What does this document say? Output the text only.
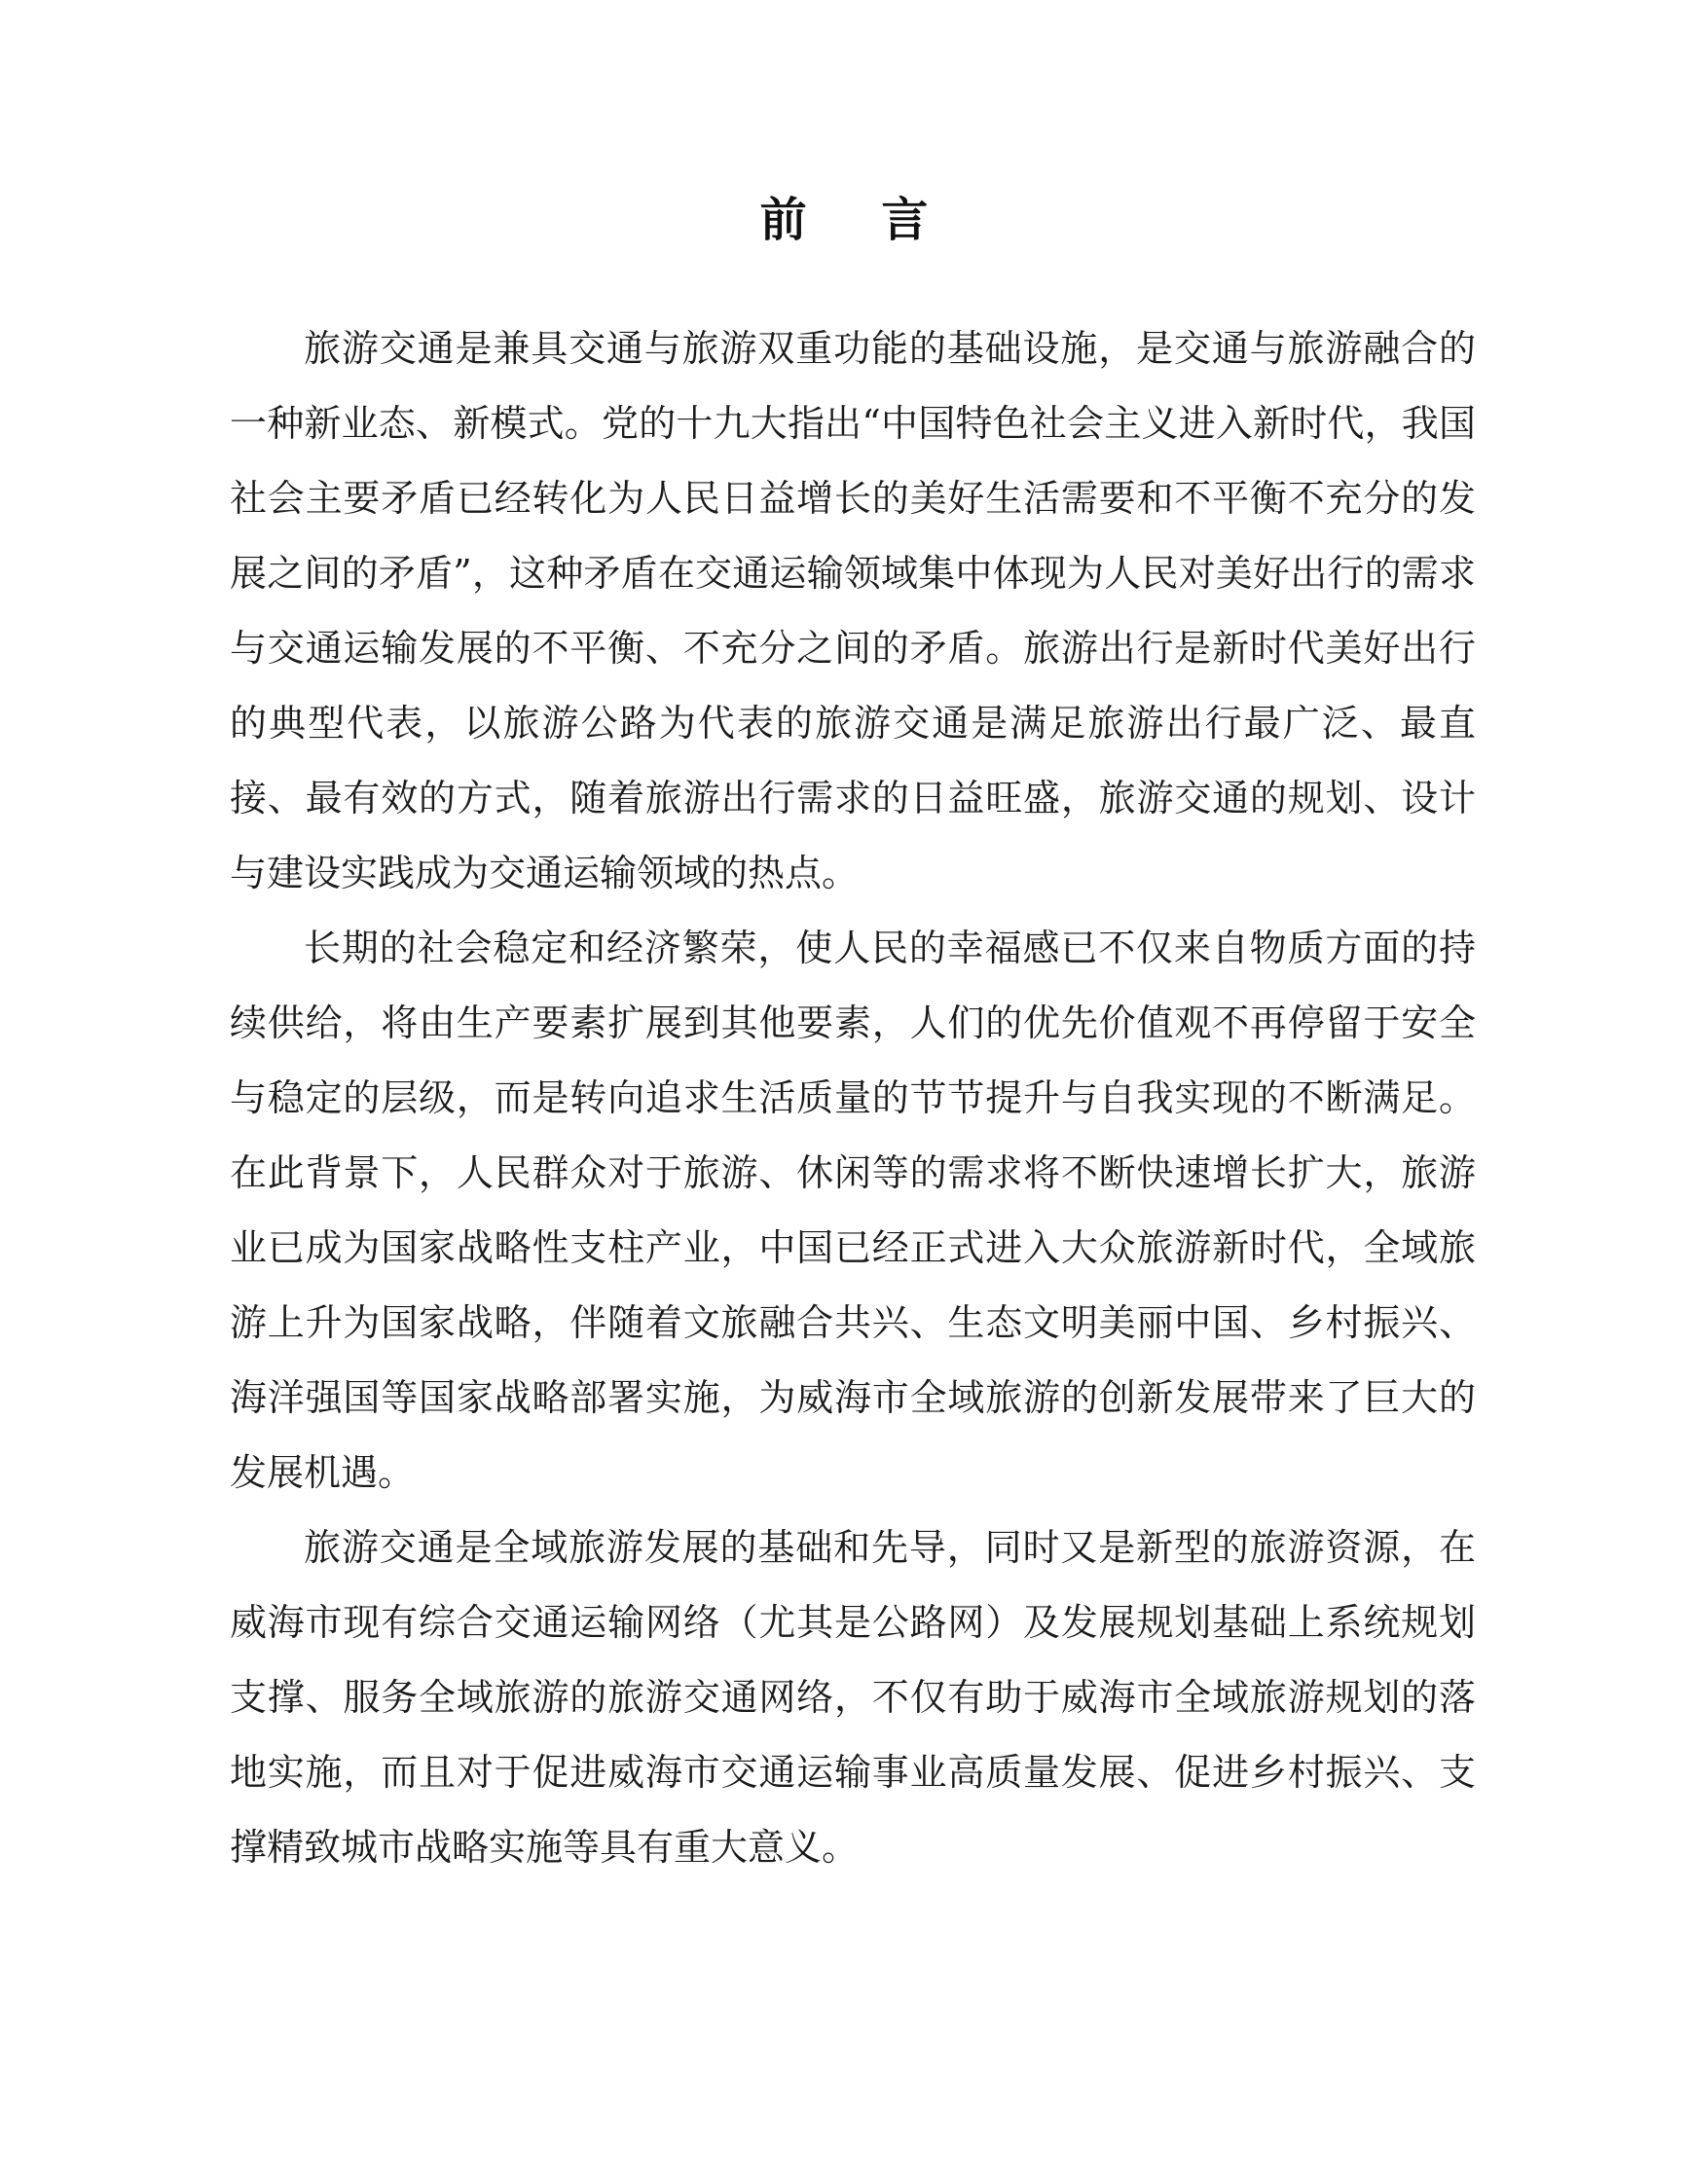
前 言

旅游交通是兼具交通与旅游双重功能的基础设施，是交通与旅游融合的一种新业态、新模式。党的十九大指出“中国特色社会主义进入新时代，我国社会主要矛盾已经转化为人民日益增长的美好生活需要和不平衡不充分的发展之间的矛盾”，这种矛盾在交通运输领域集中体现为人民对美好出行的需求与交通运输发展的不平衡、不充分之间的矛盾。旅游出行是新时代美好出行的典型代表，以旅游公路为代表的旅游交通是满足旅游出行最广泛、最直接、最有效的方式，随着旅游出行需求的日益旺盛，旅游交通的规划、设计与建设实践成为交通运输领域的热点。

长期的社会稳定和经济繁荣，使人民的幸福感已不仅来自物质方面的持续供给，将由生产要素扩展到其他要素，人们的优先价值观不再停留于安全与稳定的层级，而是转向追求生活质量的节节提升与自我实现的不断满足。在此背景下，人民群众对于旅游、休闲等的需求将不断快速增长扩大，旅游业已成为国家战略性支柱产业，中国已经正式进入大众旅游新时代，全域旅游上升为国家战略，伴随着文旅融合共兴、生态文明美丽中国、乡村振兴、海洋强国等国家战略部署实施，为威海市全域旅游的创新发展带来了巨大的发展机遇。

旅游交通是全域旅游发展的基础和先导，同时又是新型的旅游资源，在威海市现有综合交通运输网络（尤其是公路网）及发展规划基础上系统规划支撑、服务全域旅游的旅游交通网络，不仅有助于威海市全域旅游规划的落地实施，而且对于促进威海市交通运输事业高质量发展、促进乡村振兴、支撑精致城市战略实施等具有重大意义。
